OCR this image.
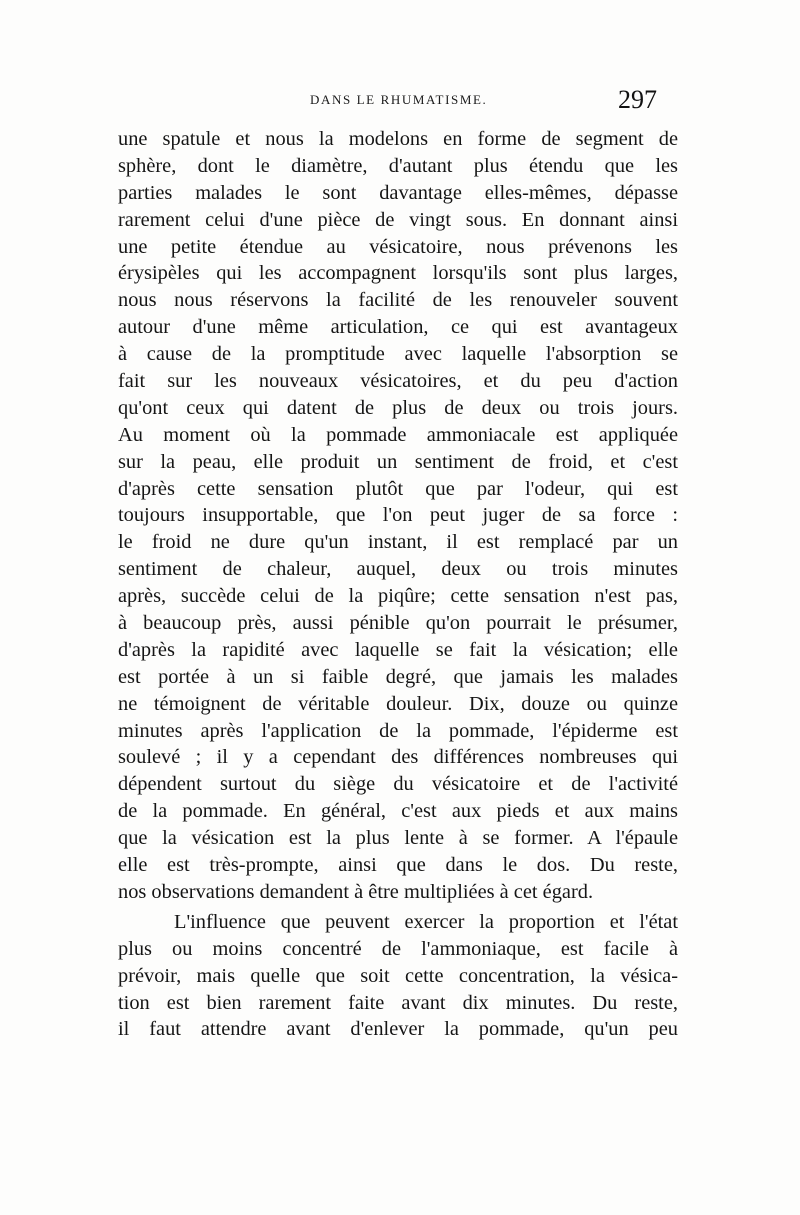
DANS LE RHUMATISME.	297
une spatule et nous la modelons en forme de segment de
sphère, dont le diamètre, d'autant plus étendu que les
parties malades le sont davantage elles-mêmes, dépasse
rarement celui d'une pièce de vingt sous. En donnant ainsi
une petite étendue au vésicatoire, nous prévenons les
érysipèles qui les accompagnent lorsqu'ils sont plus larges,
nous nous réservons la facilité de les renouveler souvent
autour d'une même articulation, ce qui est avantageux
à cause de la promptitude avec laquelle l'absorption se
fait sur les nouveaux vésicatoires, et du peu d'action
qu'ont ceux qui datent de plus de deux ou trois jours.
Au moment où la pommade ammoniacale est appliquée
sur la peau, elle produit un sentiment de froid, et c'est
d'après cette sensation plutôt que par l'odeur, qui est
toujours insupportable, que l'on peut juger de sa force :
le froid ne dure qu'un instant, il est remplacé par un
sentiment de chaleur, auquel, deux ou trois minutes
après, succède celui de la piqûre; cette sensation n'est pas,
à beaucoup près, aussi pénible qu'on pourrait le présumer,
d'après la rapidité avec laquelle se fait la vésication; elle
est portée à un si faible degré, que jamais les malades
ne témoignent de véritable douleur. Dix, douze ou quinze
minutes après l'application de la pommade, l'épiderme est
soulevé ; il y a cependant des différences nombreuses qui
dépendent surtout du siège du vésicatoire et de l'activité
de la pommade. En général, c'est aux pieds et aux mains
que la vésication est la plus lente à se former. A l'épaule
elle est très-prompte, ainsi que dans le dos. Du reste,
nos observations demandent à être multipliées à cet égard.
L'influence que peuvent exercer la proportion et l'état
plus ou moins concentré de l'ammoniaque, est facile à
prévoir, mais quelle que soit cette concentration, la vésica-
tion est bien rarement faite avant dix minutes. Du reste,
il faut attendre avant d'enlever la pommade, qu'un peu
